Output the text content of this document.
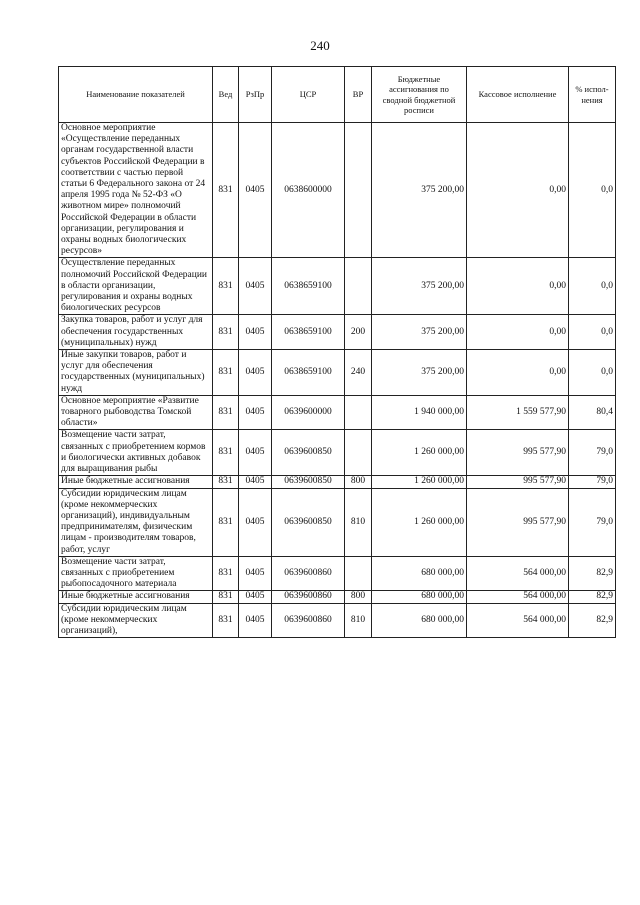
240
Наименование показателей	Вед	РзПр	ЦСР	ВР	Бюджетные ассигнования по сводной бюджетной росписи	Кассовое исполнение	% испол-нения
Основное мероприятие «Осуществление переданных органам государственной власти субъектов Российской Федерации в соответствии с частью первой статьи 6 Федерального закона от 24 апреля 1995 года № 52-ФЗ «О животном мире» полномочий Российской Федерации в области организации, регулирования и охраны водных биологических ресурсов»	831	0405	0638600000		375 200,00	0,00	0,0
Осуществление переданных полномочий Российской Федерации в области организации, регулирования и охраны водных биологических ресурсов	831	0405	0638659100		375 200,00	0,00	0,0
Закупка товаров, работ и услуг для обеспечения государственных (муниципальных) нужд	831	0405	0638659100	200	375 200,00	0,00	0,0
Иные закупки товаров, работ и услуг для обеспечения государственных (муниципальных) нужд	831	0405	0638659100	240	375 200,00	0,00	0,0
Основное мероприятие «Развитие товарного рыбоводства Томской области»	831	0405	0639600000		1 940 000,00	1 559 577,90	80,4
Возмещение части затрат, связанных с приобретением кормов и биологически активных добавок для выращивания рыбы	831	0405	0639600850		1 260 000,00	995 577,90	79,0
Иные бюджетные ассигнования	831	0405	0639600850	800	1 260 000,00	995 577,90	79,0
Субсидии юридическим лицам (кроме некоммерческих организаций), индивидуальным предпринимателям, физическим лицам - производителям товаров, работ, услуг	831	0405	0639600850	810	1 260 000,00	995 577,90	79,0
Возмещение части затрат, связанных с приобретением рыбопосадочного материала	831	0405	0639600860		680 000,00	564 000,00	82,9
Иные бюджетные ассигнования	831	0405	0639600860	800	680 000,00	564 000,00	82,9
Субсидии юридическим лицам (кроме некоммерческих организаций),	831	0405	0639600860	810	680 000,00	564 000,00	82,9
